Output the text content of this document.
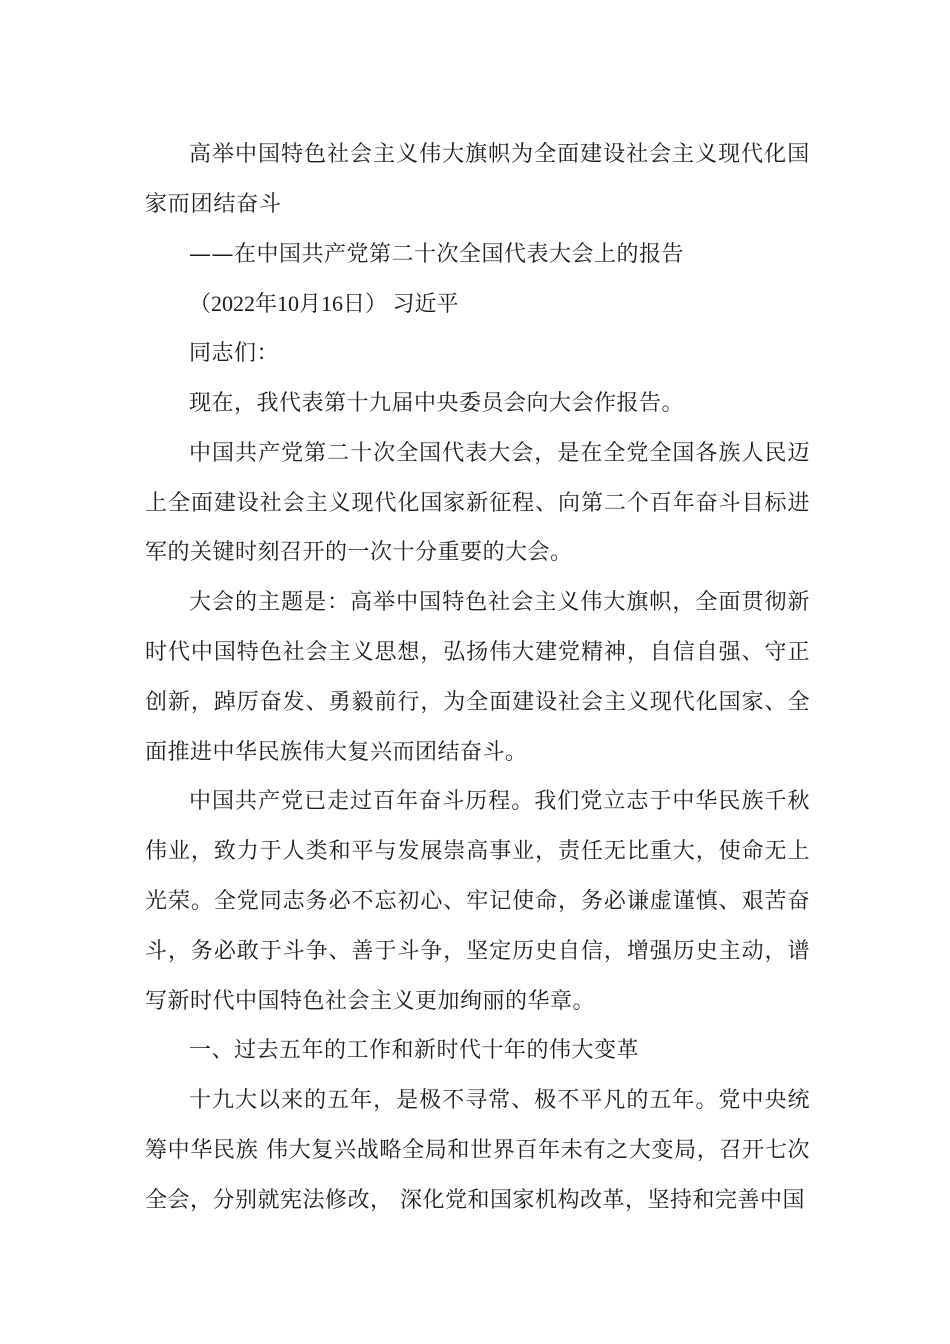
高举中国特色社会主义伟大旗帜为全面建设社会主义现代化国家而团结奋斗

——在中国共产党第二十次全国代表大会上的报告

（2022年10月16日） 习近平

同志们：

现在，我代表第十九届中央委员会向大会作报告。

中国共产党第二十次全国代表大会，是在全党全国各族人民迈上全面建设社会主义现代化国家新征程、向第二个百年奋斗目标进军的关键时刻召开的一次十分重要的大会。

大会的主题是：高举中国特色社会主义伟大旗帜，全面贯彻新时代中国特色社会主义思想，弘扬伟大建党精神，自信自强、守正创新，踔厉奋发、勇毅前行，为全面建设社会主义现代化国家、全面推进中华民族伟大复兴而团结奋斗。

中国共产党已走过百年奋斗历程。我们党立志于中华民族千秋伟业，致力于人类和平与发展崇高事业，责任无比重大，使命无上光荣。全党同志务必不忘初心、牢记使命，务必谦虚谨慎、艰苦奋斗，务必敢于斗争、善于斗争，坚定历史自信，增强历史主动，谱写新时代中国特色社会主义更加绚丽的华章。

一、过去五年的工作和新时代十年的伟大变革

十九大以来的五年，是极不寻常、极不平凡的五年。党中央统筹中华民族 伟大复兴战略全局和世界百年未有之大变局，召开七次全会，分别就宪法修改， 深化党和国家机构改革，坚持和完善中国
